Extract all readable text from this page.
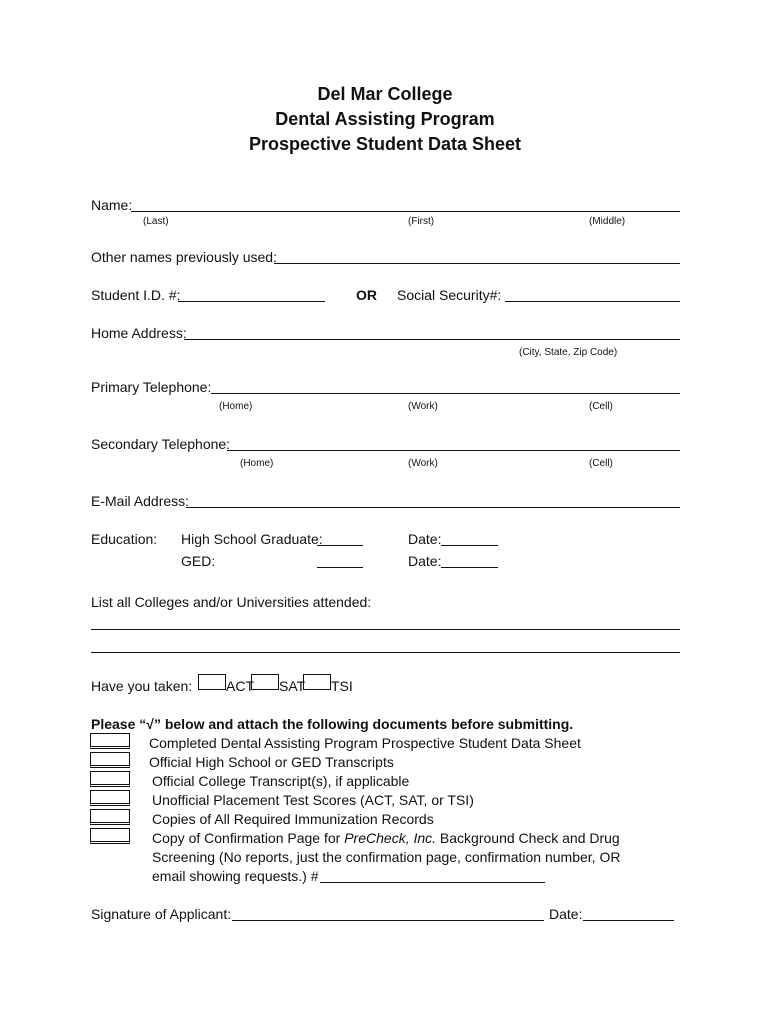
Del Mar College
Dental Assisting Program
Prospective Student Data Sheet
Name:
(Last)	(First)	(Middle)
Other names previously used:
Student I.D. #:	OR Social Security#:
Home Address:
(City, State, Zip Code)
Primary Telephone:
(Home)	(Work)	(Cell)
Secondary Telephone:
(Home)	(Work)	(Cell)
E-Mail Address:
Education: High School Graduate:	Date:
GED:	Date:
List all Colleges and/or Universities attended:
Have you taken: ACT SAT TSI
Please “√” below and attach the following documents before submitting.
Completed Dental Assisting Program Prospective Student Data Sheet
Official High School or GED Transcripts
Official College Transcript(s), if applicable
Unofficial Placement Test Scores (ACT, SAT, or TSI)
Copies of All Required Immunization Records
Copy of Confirmation Page for PreCheck, Inc. Background Check and Drug
Screening (No reports, just the confirmation page, confirmation number, OR
email showing requests.) #
Signature of Applicant:	Date:
